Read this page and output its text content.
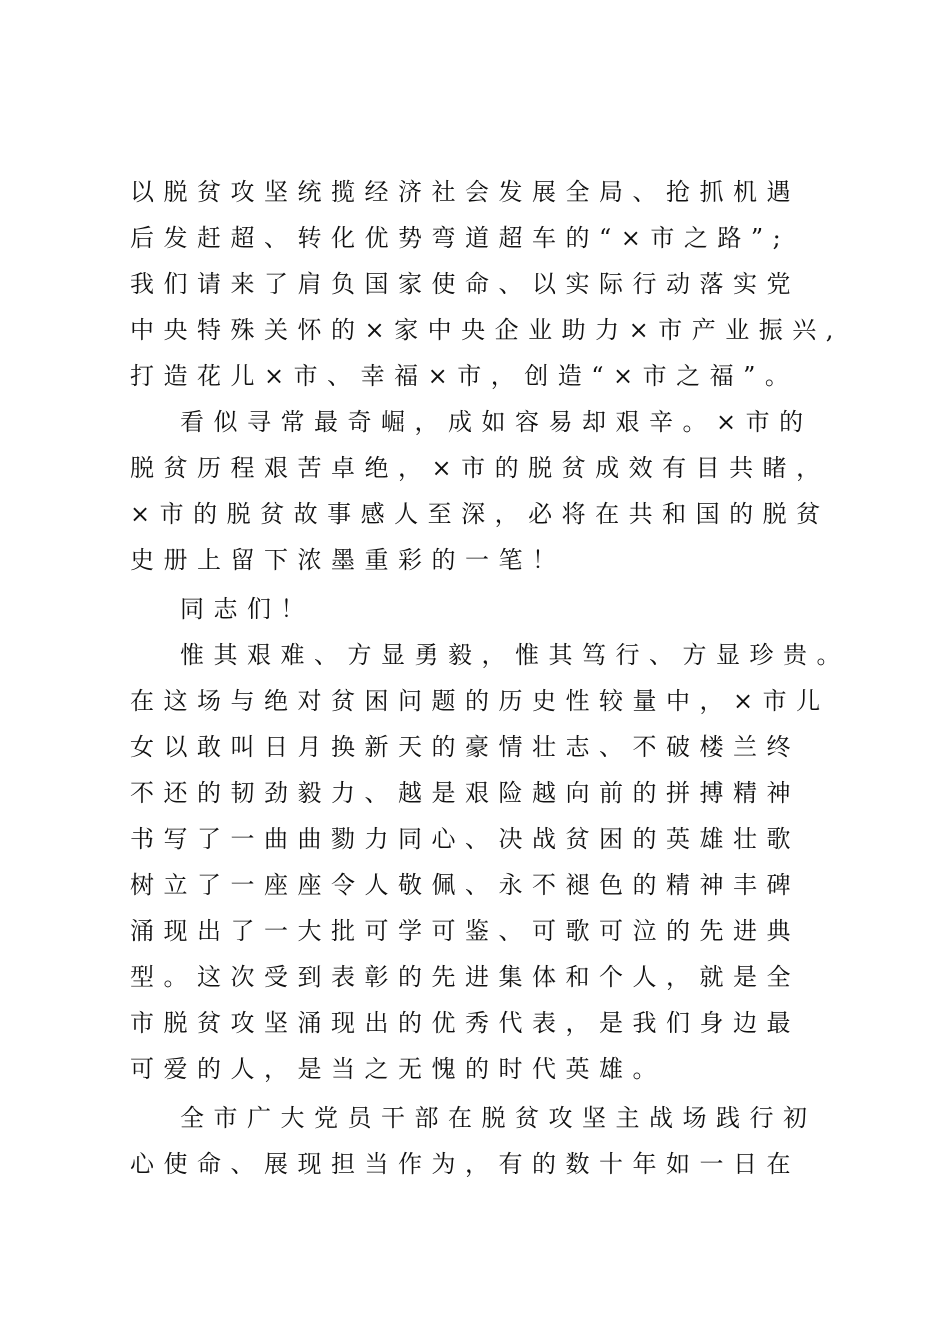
以脱贫攻坚统揽经济社会发展全局、抢抓机遇
后发赶超、转化优势弯道超车的“×市之路”;
我们请来了肩负国家使命、以实际行动落实党
中央特殊关怀的×家中央企业助力×市产业振兴,
打造花儿×市、幸福×市，创造“×市之福”。
看似寻常最奇崛，成如容易却艰辛。×市的
脱贫历程艰苦卓绝，×市的脱贫成效有目共睹，
×市的脱贫故事感人至深，必将在共和国的脱贫
史册上留下浓墨重彩的一笔！
同志们！
惟其艰难、方显勇毅，惟其笃行、方显珍贵。
在这场与绝对贫困问题的历史性较量中，×市儿
女以敢叫日月换新天的豪情壮志、不破楼兰终
不还的韧劲毅力、越是艰险越向前的拼搏精神
书写了一曲曲勠力同心、决战贫困的英雄壮歌
树立了一座座令人敬佩、永不褪色的精神丰碑
涌现出了一大批可学可鉴、可歌可泣的先进典
型。这次受到表彰的先进集体和个人，就是全
市脱贫攻坚涌现出的优秀代表，是我们身边最
可爱的人，是当之无愧的时代英雄。
全市广大党员干部在脱贫攻坚主战场践行初
心使命、展现担当作为，有的数十年如一日在
